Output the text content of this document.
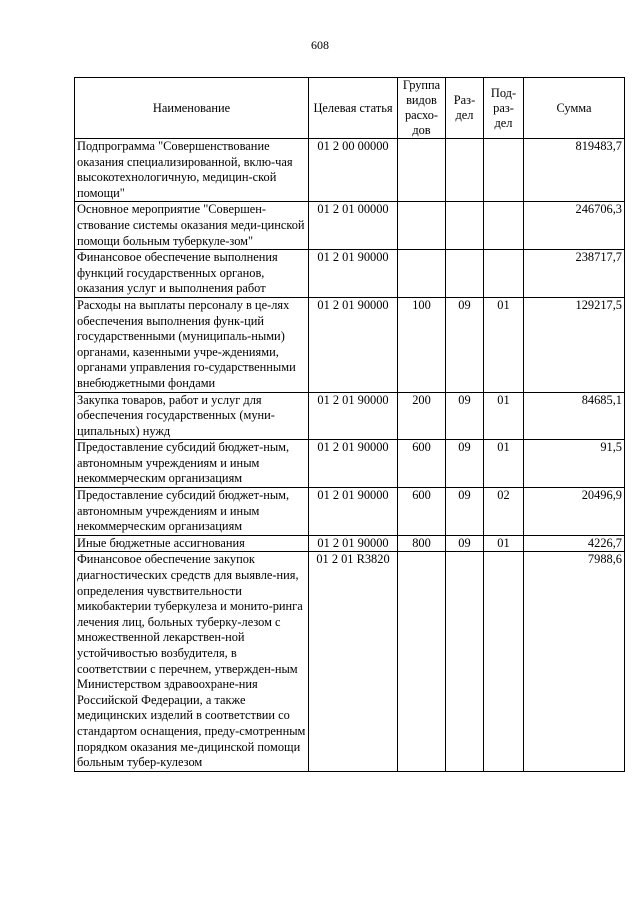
608
Наименование	Целевая статья	Группа видов расхо-дов	Раз-дел	Под-раз-дел	Сумма
Подпрограмма "Совершенствование оказания специализированной, вклю-чая высокотехнологичную, медицин-ской помощи"	01 2 00 00000				819483,7
Основное мероприятие "Совершен-ствование системы оказания меди-цинской помощи больным туберкуле-зом"	01 2 01 00000				246706,3
Финансовое обеспечение выполнения функций государственных органов, оказания услуг и выполнения работ	01 2 01 90000				238717,7
Расходы на выплаты персоналу в це-лях обеспечения выполнения функ-ций государственными (муниципаль-ными) органами, казенными учре-ждениями, органами управления го-сударственными внебюджетными фондами	01 2 01 90000	100	09	01	129217,5
Закупка товаров, работ и услуг для обеспечения государственных (муни-ципальных) нужд	01 2 01 90000	200	09	01	84685,1
Предоставление субсидий бюджет-ным, автономным учреждениям и иным некоммерческим организациям	01 2 01 90000	600	09	01	91,5
Предоставление субсидий бюджет-ным, автономным учреждениям и иным некоммерческим организациям	01 2 01 90000	600	09	02	20496,9
Иные бюджетные ассигнования	01 2 01 90000	800	09	01	4226,7
Финансовое обеспечение закупок диагностических средств для выявле-ния, определения чувствительности микобактерии туберкулеза и монито-ринга лечения лиц, больных туберку-лезом с множественной лекарствен-ной устойчивостью возбудителя, в соответствии с перечнем, утвержден-ным Министерством здравоохране-ния Российской Федерации, а также медицинских изделий в соответствии со стандартом оснащения, преду-смотренным порядком оказания ме-дицинской помощи больным тубер-кулезом	01 2 01 R3820				7988,6
